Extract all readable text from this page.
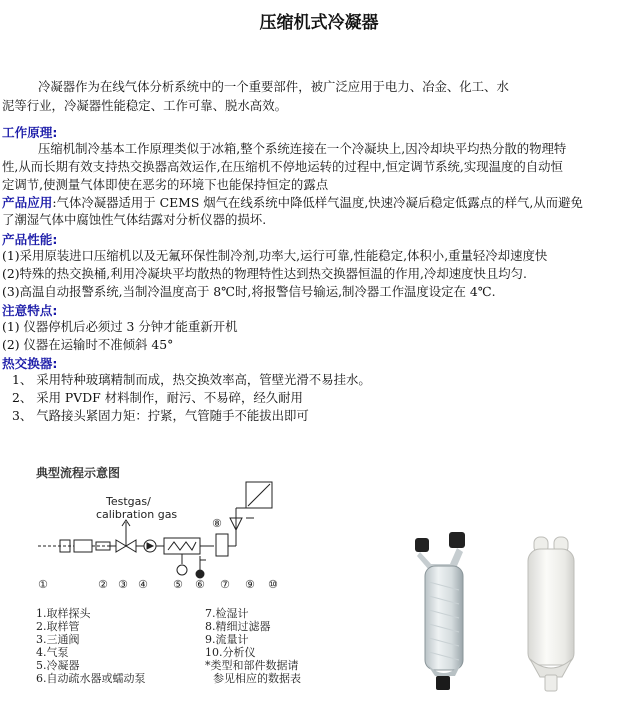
压缩机式冷凝器
冷凝器作为在线气体分析系统中的一个重要部件，被广泛应用于电力、冶金、化工、水
泥等行业，冷凝器性能稳定、工作可靠、脱水高效。
工作原理:
压缩机制冷基本工作原理类似于冰箱,整个系统连接在一个冷凝块上,因冷却块平均热分散的物理特
性,从而长期有效支持热交换器高效运作,在压缩机不停地运转的过程中,恒定调节系统,实现温度的自动恒
定调节,使测量气体即使在恶劣的环境下也能保持恒定的露点
产品应用:气体冷凝器适用于 CEMS 烟气在线系统中降低样气温度,快速冷凝后稳定低露点的样气,从而避免
了潮湿气体中腐蚀性气体结露对分析仪器的损坏.
产品性能:
(1)采用原装进口压缩机以及无氟环保性制冷剂,功率大,运行可靠,性能稳定,体积小,重量轻冷却速度快
(2)特殊的热交换桶,利用冷凝块平均散热的物理特性达到热交换器恒温的作用,冷却速度快且均匀.
(3)高温自动报警系统,当制冷温度高于 8℃时,将报警信号输运,制冷器工作温度设定在 4℃.
注意特点:
(1) 仪器停机后必须过 3 分钟才能重新开机
(2) 仪器在运输时不准倾斜 45°
热交换器:
1、 采用特种玻璃精制而成，热交换效率高，管壁光滑不易挂水。
2、 采用 PVDF 材料制作，耐污、不易碎，经久耐用
3、 气路接头紧固力矩：拧紧，气管随手不能拔出即可
典型流程示意图
Testgas/
calibration gas
①	② ③ ④ ⑤ ⑥ ⑦ ⑨ ⑩
⑧
1.取样探头
2.取样管
3.三通阀
4.气泵
5.冷凝器
6.自动疏水器或蠕动泵
7.检湿计
8.精细过滤器
9.流量计
10.分析仪
*类型和部件数据请
参见相应的数据表
